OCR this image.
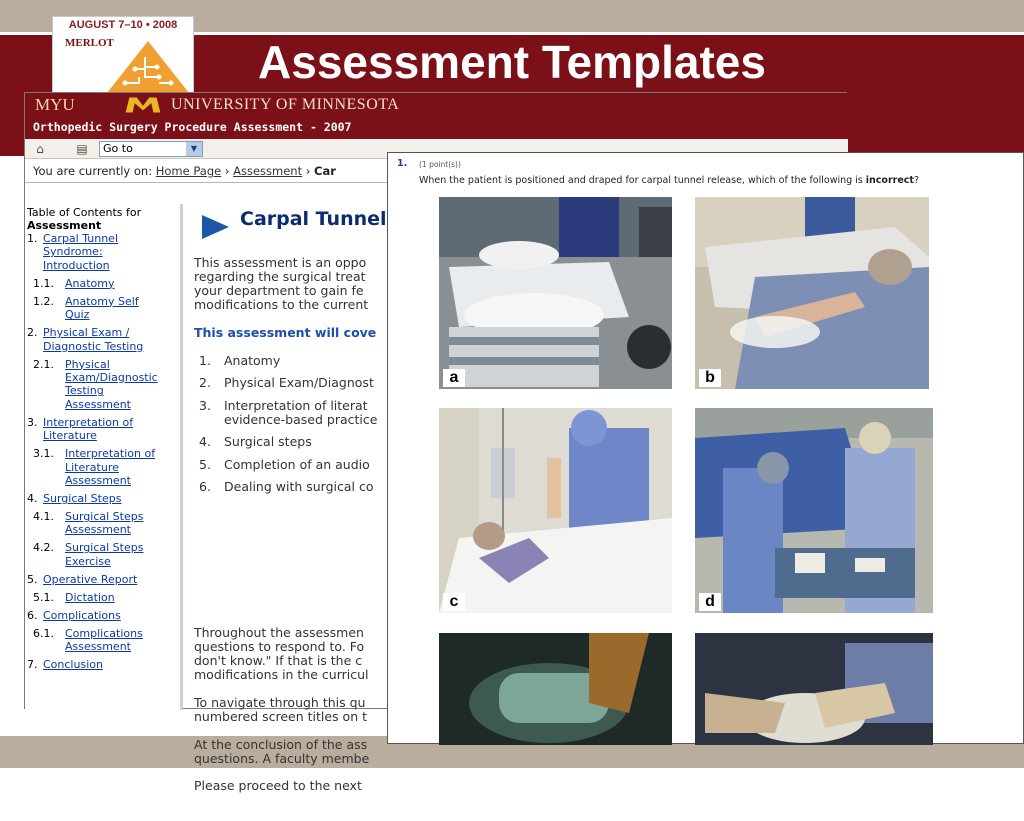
Assessment Templates
AUGUST 7–10 • 2008
MERLOT
MYU	UNIVERSITY OF MINNESOTA
Orthopedic Surgery Procedure Assessment - 2007
⌂	▤	Go to	▼
You are currently on: Home Page › Assessment › Car
Table of Contents for
Assessment
1. Carpal Tunnel
Syndrome:
Introduction
1.1. Anatomy
1.2. Anatomy Self
Quiz
2. Physical Exam /
Diagnostic Testing
2.1. Physical
Exam/Diagnostic
Testing
Assessment
3. Interpretation of
Literature
3.1. Interpretation of
Literature
Assessment
4. Surgical Steps
4.1. Surgical Steps
Assessment
4.2. Surgical Steps
Exercise
5. Operative Report
5.1. Dictation
6. Complications
6.1. Complications
Assessment
7. Conclusion
Carpal Tunnel
This assessment is an oppo
regarding the surgical treat
your department to gain fe
modifications to the current
This assessment will cove
1. Anatomy
2. Physical Exam/Diagnost
3. Interpretation of literat
evidence-based practice
4. Surgical steps
5. Completion of an audio
6. Dealing with surgical co
Throughout the assessmen
questions to respond to. Fo
don't know." If that is the c
modifications in the curricul
To navigate through this qu
numbered screen titles on t
At the conclusion of the ass
questions. A faculty membe
Please proceed to the next
1. (1 point(s))
When the patient is positioned and draped for carpal tunnel release, which of the following is incorrect?
a	b
c	d
